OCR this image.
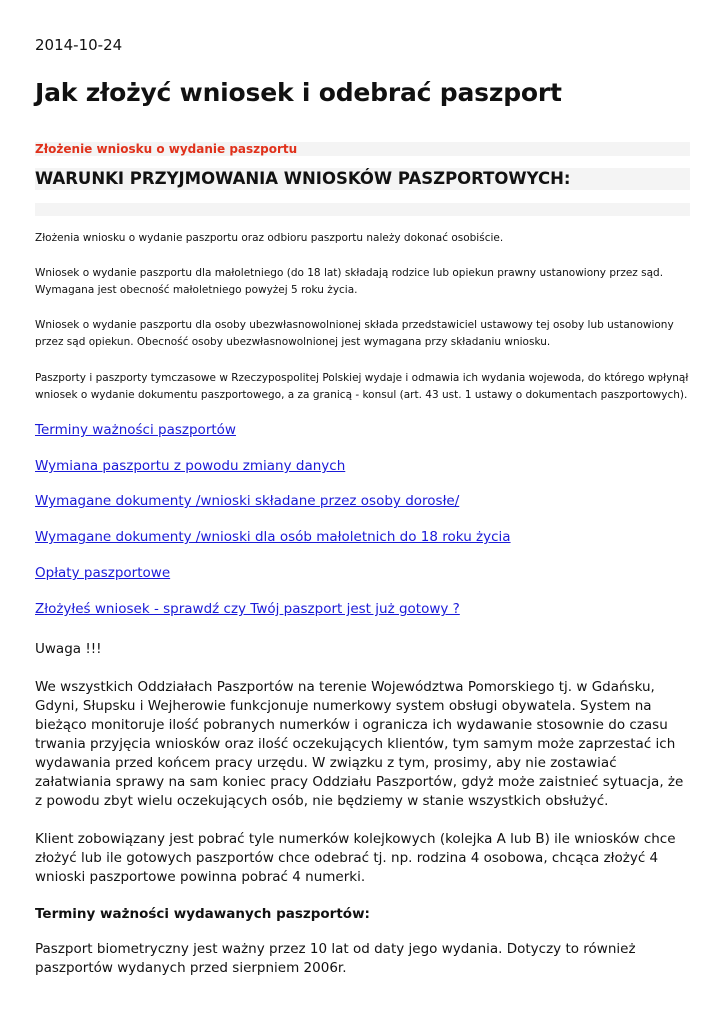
2014-10-24
Jak złożyć wniosek i odebrać paszport
Złożenie wniosku o wydanie paszportu
WARUNKI PRZYJMOWANIA WNIOSKÓW PASZPORTOWYCH:

Złożenia wniosku o wydanie paszportu oraz odbioru paszportu należy dokonać osobiście.

Wniosek o wydanie paszportu dla małoletniego (do 18 lat) składają rodzice lub opiekun prawny ustanowiony przez sąd. Wymagana jest obecność małoletniego powyżej 5 roku życia.

Wniosek o wydanie paszportu dla osoby ubezwłasnowolnionej składa przedstawiciel ustawowy tej osoby lub ustanowiony przez sąd opiekun. Obecność osoby ubezwłasnowolnionej jest wymagana przy składaniu wniosku.

Paszporty i paszporty tymczasowe w Rzeczypospolitej Polskiej wydaje i odmawia ich wydania wojewoda, do którego wpłynął wniosek o wydanie dokumentu paszportowego, a za granicą - konsul (art. 43 ust. 1 ustawy o dokumentach paszportowych).

Terminy ważności paszportów
Wymiana paszportu z powodu zmiany danych
Wymagane dokumenty /wnioski składane przez osoby dorosłe/
Wymagane dokumenty /wnioski dla osób małoletnich do 18 roku życia
Opłaty paszportowe
Złożyłeś wniosek - sprawdź czy Twój paszport jest już gotowy ?

Uwaga !!!

We wszystkich Oddziałach Paszportów na terenie Województwa Pomorskiego tj. w Gdańsku, Gdyni, Słupsku i Wejherowie funkcjonuje numerkowy system obsługi obywatela. System na bieżąco monitoruje ilość pobranych numerków i ogranicza ich wydawanie stosownie do czasu trwania przyjęcia wniosków oraz ilość oczekujących klientów, tym samym może zaprzestać ich wydawania przed końcem pracy urzędu. W związku z tym, prosimy, aby nie zostawiać załatwiania sprawy na sam koniec pracy Oddziału Paszportów, gdyż może zaistnieć sytuacja, że z powodu zbyt wielu oczekujących osób, nie będziemy w stanie wszystkich obsłużyć.

Klient zobowiązany jest pobrać tyle numerków kolejkowych (kolejka A lub B) ile wniosków chce złożyć lub ile gotowych paszportów chce odebrać tj. np. rodzina 4 osobowa, chcąca złożyć 4 wnioski paszportowe powinna pobrać 4 numerki.

Terminy ważności wydawanych paszportów:

Paszport biometryczny jest ważny przez 10 lat od daty jego wydania. Dotyczy to również paszportów wydanych przed sierpniem 2006r.
